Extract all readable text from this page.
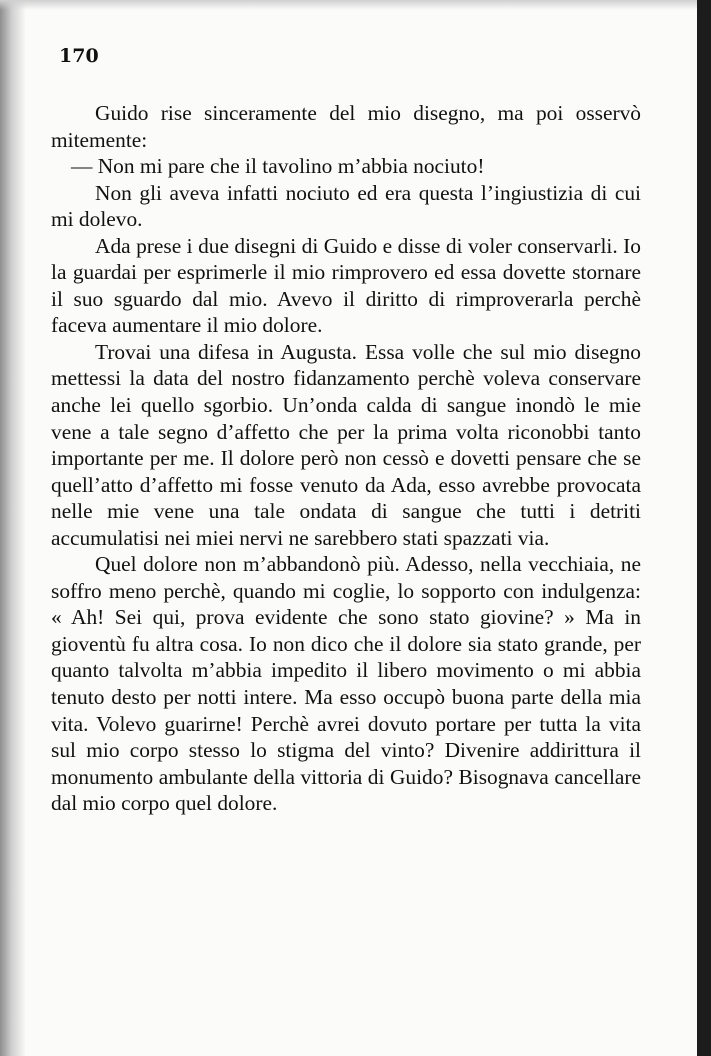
170

Guido rise sinceramente del mio disegno, ma poi osservò mitemente:

— Non mi pare che il tavolino m’abbia nociuto!

Non gli aveva infatti nociuto ed era questa l’ingiustizia di cui mi dolevo.

Ada prese i due disegni di Guido e disse di voler conservarli. Io la guardai per esprimerle il mio rimprovero ed essa dovette stornare il suo sguardo dal mio. Avevo il diritto di rimproverarla perchè faceva aumentare il mio dolore.

Trovai una difesa in Augusta. Essa volle che sul mio disegno mettessi la data del nostro fidanzamento perchè voleva conservare anche lei quello sgorbio. Un’onda calda di sangue inondò le mie vene a tale segno d’affetto che per la prima volta riconobbi tanto importante per me. Il dolore però non cessò e dovetti pensare che se quell’atto d’affetto mi fosse venuto da Ada, esso avrebbe provocata nelle mie vene una tale ondata di sangue che tutti i detriti accumulatisi nei miei nervi ne sarebbero stati spazzati via.

Quel dolore non m’abbandonò più. Adesso, nella vecchiaia, ne soffro meno perchè, quando mi coglie, lo sopporto con indulgenza: « Ah! Sei qui, prova evidente che sono stato giovine? » Ma in gioventù fu altra cosa. Io non dico che il dolore sia stato grande, per quanto talvolta m’abbia impedito il libero movimento o mi abbia tenuto desto per notti intere. Ma esso occupò buona parte della mia vita. Volevo guarirne! Perchè avrei dovuto portare per tutta la vita sul mio corpo stesso lo stigma del vinto? Divenire addirittura il monumento ambulante della vittoria di Guido? Bisognava cancellare dal mio corpo quel dolore.
